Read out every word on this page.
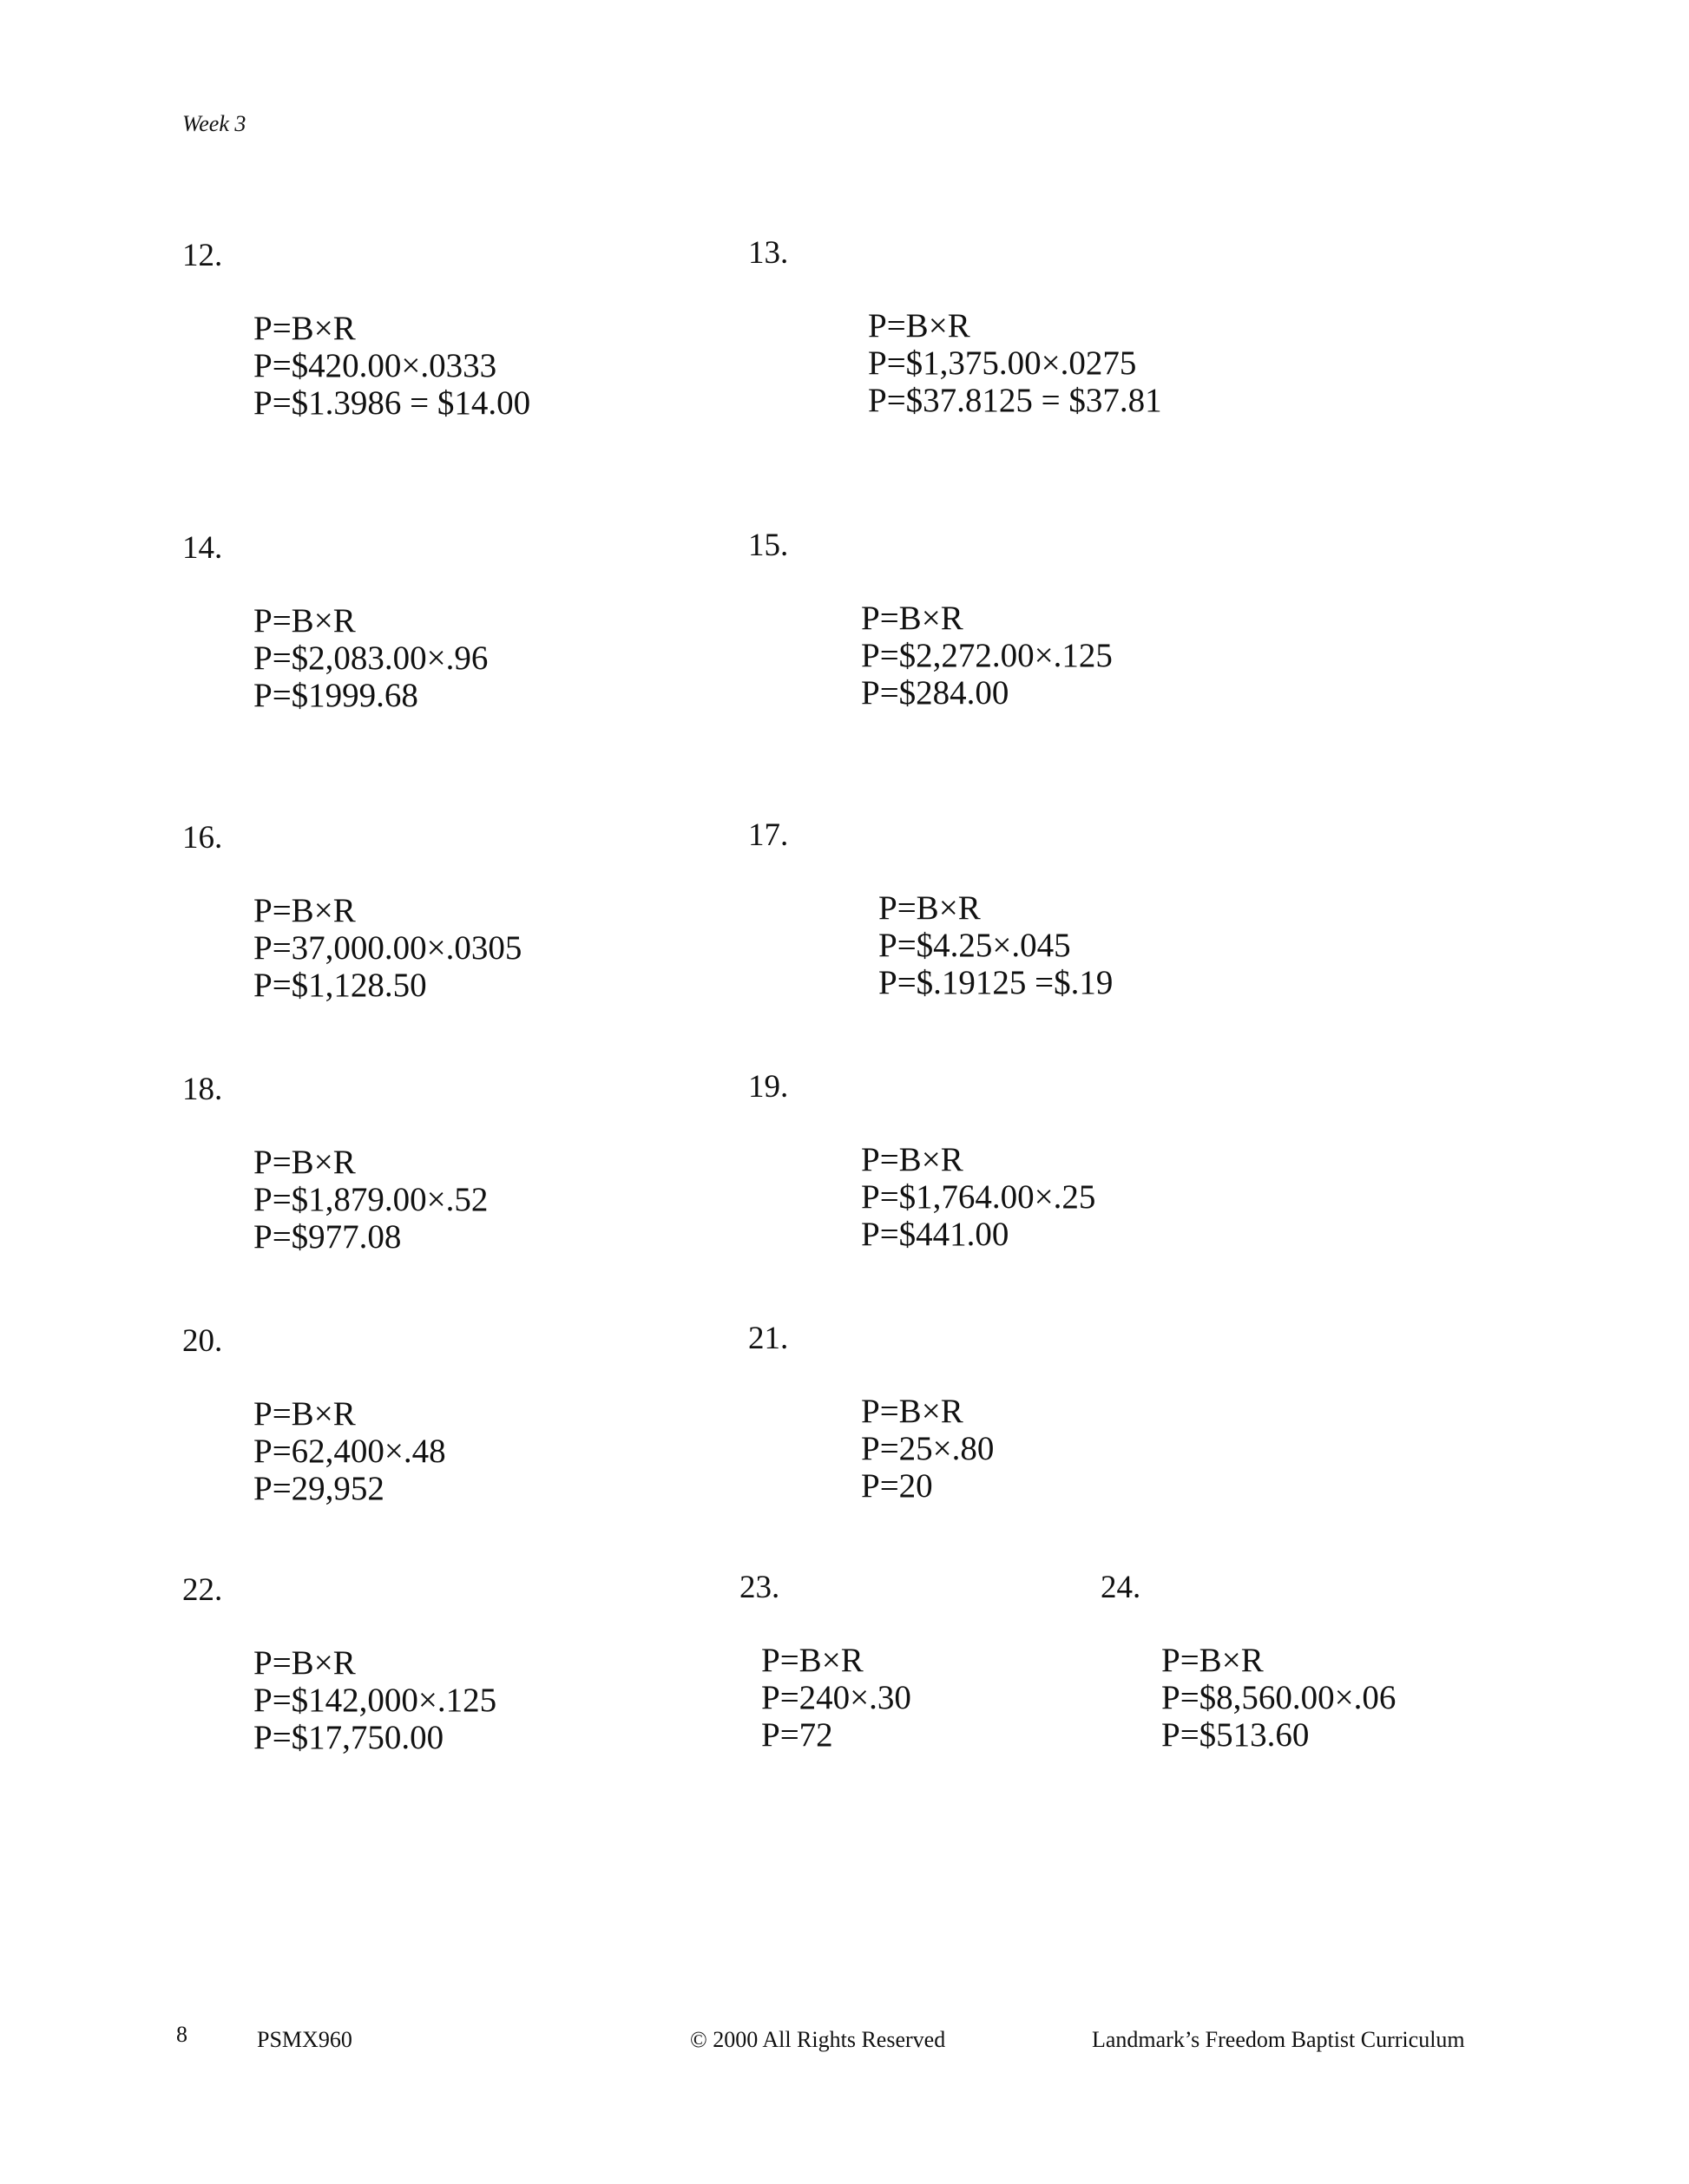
Week 3
12.
P=B×R
P=$420.00×.0333
P=$1.3986 = $14.00
13.
P=B×R
P=$1,375.00×.0275
P=$37.8125 = $37.81
14.
P=B×R
P=$2,083.00×.96
P=$1999.68
15.
P=B×R
P=$2,272.00×.125
P=$284.00
16.
P=B×R
P=37,000.00×.0305
P=$1,128.50
17.
P=B×R
P=$4.25×.045
P=$.19125 =$.19
18.
P=B×R
P=$1,879.00×.52
P=$977.08
19.
P=B×R
P=$1,764.00×.25
P=$441.00
20.
P=B×R
P=62,400×.48
P=29,952
21.
P=B×R
P=25×.80
P=20
22.
P=B×R
P=$142,000×.125
P=$17,750.00
23.
P=B×R
P=240×.30
P=72
24.
P=B×R
P=$8,560.00×.06
P=$513.60
8	PSMX960	© 2000 All Rights Reserved	Landmark’s Freedom Baptist Curriculum
